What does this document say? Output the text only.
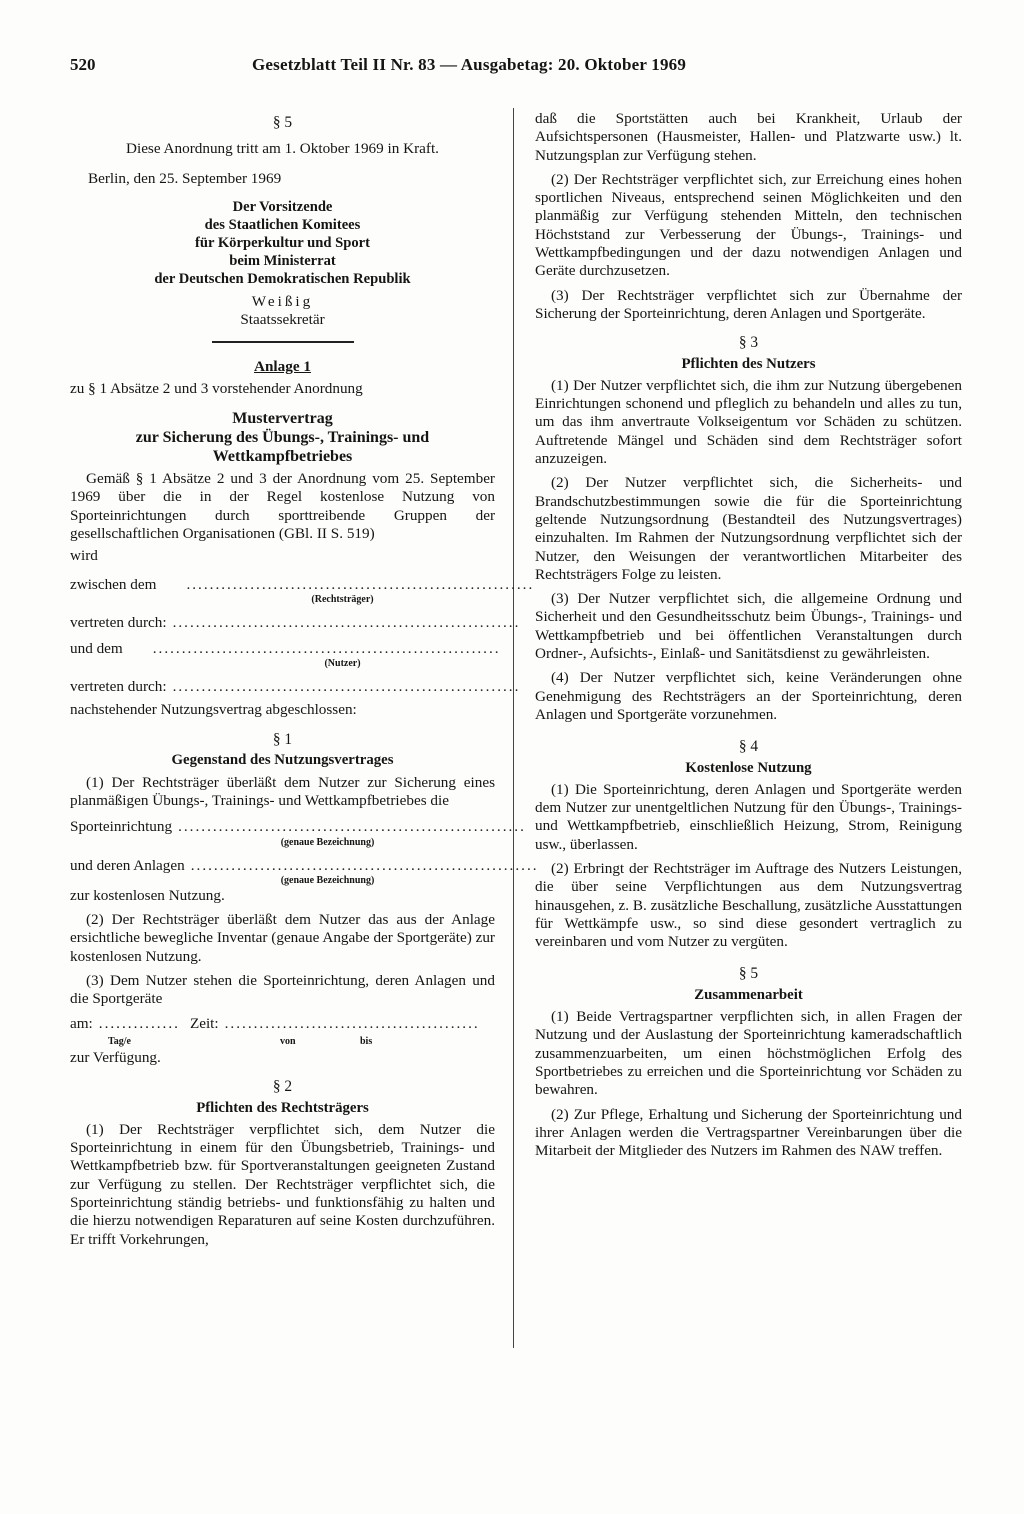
520	Gesetzblatt Teil II Nr. 83 — Ausgabetag: 20. Oktober 1969

§ 5

Diese Anordnung tritt am 1. Oktober 1969 in Kraft.

Berlin, den 25. September 1969

Der Vorsitzende

des Staatlichen Komitees

für Körperkultur und Sport

beim Ministerrat

der Deutschen Demokratischen Republik

Weißig

Staatssekretär

Anlage 1

zu § 1 Absätze 2 und 3 vorstehender Anordnung

Mustervertrag

zur Sicherung des Übungs-, Trainings- und

Wettkampfbetriebes

Gemäß § 1 Absätze 2 und 3 der Anordnung vom 25. September 1969 über die in der Regel kostenlose Nutzung von Sporteinrichtungen durch sporttreibende Gruppen der gesellschaftlichen Organisationen (GBl. II S. 519)

wird

zwischen dem ............................................................

(Rechtsträger)

vertreten durch: ............................................................
und dem ............................................................

(Nutzer)

vertreten durch: ............................................................

nachstehender Nutzungsvertrag abgeschlossen:

§ 1

Gegenstand des Nutzungsvertrages

(1) Der Rechtsträger überläßt dem Nutzer zur Sicherung eines planmäßigen Übungs-, Trainings- und Wettkampfbetriebes die

Sporteinrichtung ............................................................

(genaue Bezeichnung)

und deren Anlagen ............................................................

(genaue Bezeichnung)

zur kostenlosen Nutzung.

(2) Der Rechtsträger überläßt dem Nutzer das aus der Anlage ersichtliche bewegliche Inventar (genaue Angabe der Sportgeräte) zur kostenlosen Nutzung.

(3) Dem Nutzer stehen die Sporteinrichtung, deren Anlagen und die Sportgeräte

am: .............. Zeit: ............................................
Tag/e	von	bis

zur Verfügung.

§ 2

Pflichten des Rechtsträgers

(1) Der Rechtsträger verpflichtet sich, dem Nutzer die Sporteinrichtung in einem für den Übungsbetrieb, Trainings- und Wettkampfbetrieb bzw. für Sportveranstaltungen geeigneten Zustand zur Verfügung zu stellen. Der Rechtsträger verpflichtet sich, die Sporteinrichtung ständig betriebs- und funktionsfähig zu halten und die hierzu notwendigen Reparaturen auf seine Kosten durchzuführen. Er trifft Vorkehrungen,

daß die Sportstätten auch bei Krankheit, Urlaub der Aufsichtspersonen (Hausmeister, Hallen- und Platzwarte usw.) lt. Nutzungsplan zur Verfügung stehen.

(2) Der Rechtsträger verpflichtet sich, zur Erreichung eines hohen sportlichen Niveaus, entsprechend seinen Möglichkeiten und den planmäßig zur Verfügung stehenden Mitteln, den technischen Höchststand zur Verbesserung der Übungs-, Trainings- und Wettkampfbedingungen und der dazu notwendigen Anlagen und Geräte durchzusetzen.

(3) Der Rechtsträger verpflichtet sich zur Übernahme der Sicherung der Sporteinrichtung, deren Anlagen und Sportgeräte.

§ 3

Pflichten des Nutzers

(1) Der Nutzer verpflichtet sich, die ihm zur Nutzung übergebenen Einrichtungen schonend und pfleglich zu behandeln und alles zu tun, um das ihm anvertraute Volkseigentum vor Schäden zu schützen. Auftretende Mängel und Schäden sind dem Rechtsträger sofort anzuzeigen.

(2) Der Nutzer verpflichtet sich, die Sicherheits- und Brandschutzbestimmungen sowie die für die Sporteinrichtung geltende Nutzungsordnung (Bestandteil des Nutzungsvertrages) einzuhalten. Im Rahmen der Nutzungsordnung verpflichtet sich der Nutzer, den Weisungen der verantwortlichen Mitarbeiter des Rechtsträgers Folge zu leisten.

(3) Der Nutzer verpflichtet sich, die allgemeine Ordnung und Sicherheit und den Gesundheitsschutz beim Übungs-, Trainings- und Wettkampfbetrieb und bei öffentlichen Veranstaltungen durch Ordner-, Aufsichts-, Einlaß- und Sanitätsdienst zu gewährleisten.

(4) Der Nutzer verpflichtet sich, keine Veränderungen ohne Genehmigung des Rechtsträgers an der Sporteinrichtung, deren Anlagen und Sportgeräte vorzunehmen.

§ 4

Kostenlose Nutzung

(1) Die Sporteinrichtung, deren Anlagen und Sportgeräte werden dem Nutzer zur unentgeltlichen Nutzung für den Übungs-, Trainings- und Wettkampfbetrieb, einschließlich Heizung, Strom, Reinigung usw., überlassen.

(2) Erbringt der Rechtsträger im Auftrage des Nutzers Leistungen, die über seine Verpflichtungen aus dem Nutzungsvertrag hinausgehen, z. B. zusätzliche Beschallung, zusätzliche Ausstattungen für Wettkämpfe usw., so sind diese gesondert vertraglich zu vereinbaren und vom Nutzer zu vergüten.

§ 5

Zusammenarbeit

(1) Beide Vertragspartner verpflichten sich, in allen Fragen der Nutzung und der Auslastung der Sporteinrichtung kameradschaftlich zusammenzuarbeiten, um einen höchstmöglichen Erfolg des Sportbetriebes zu erreichen und die Sporteinrichtung vor Schäden zu bewahren.

(2) Zur Pflege, Erhaltung und Sicherung der Sporteinrichtung und ihrer Anlagen werden die Vertragspartner Vereinbarungen über die Mitarbeit der Mitglieder des Nutzers im Rahmen des NAW treffen.
